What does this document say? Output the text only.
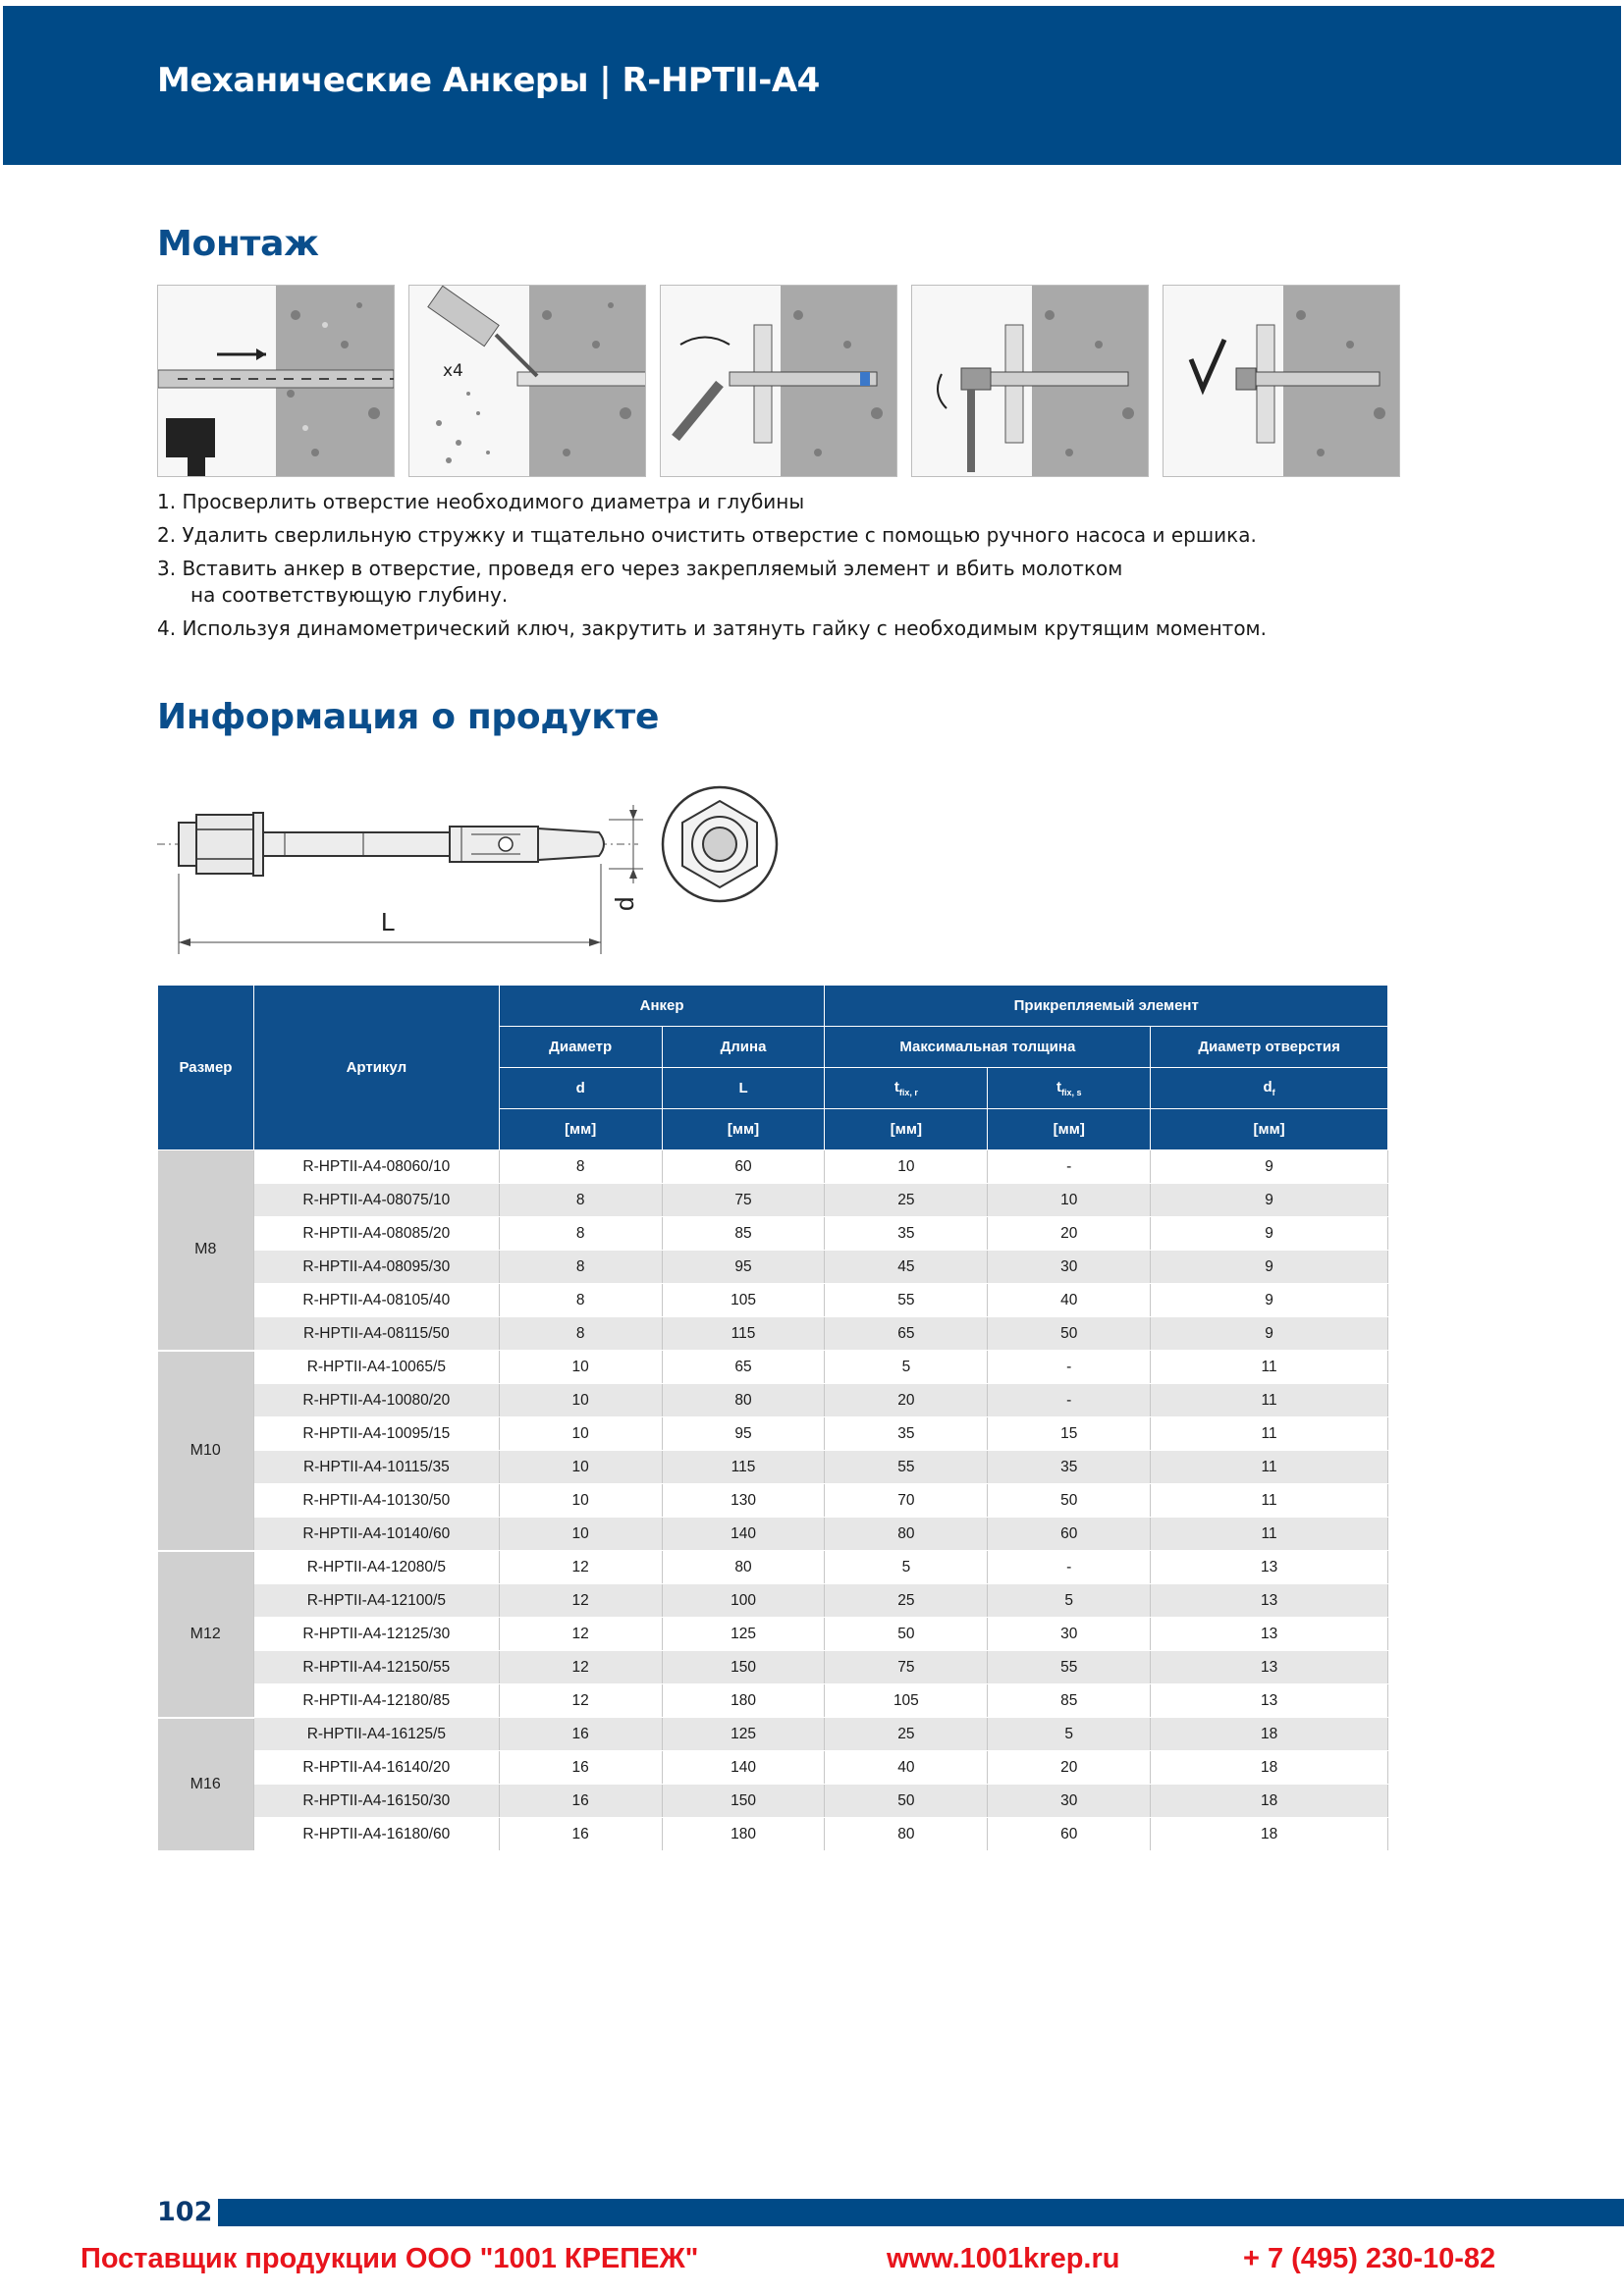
Механические Анкеры | R-HPTII-A4
Монтаж
x4
1. Просверлить отверстие необходимого диаметра и глубины
2. Удалить сверлильную стружку и тщательно очистить отверстие с помощью ручного насоса и ершика.
3. Вставить анкер в отверстие, проведя его через закрепляемый элемент и вбить молотком
на соответствующую глубину.
4. Используя динамометрический ключ, закрутить и затянуть гайку с необходимым крутящим моментом.
Информация о продукте
L
d
Размер	Артикул	Анкер		Прикрепляемый элемент		
		Диаметр	Длина	Максимальная толщина		Диаметр отверстия
		d	L	$t_{fix, r}$	$t_{fix, s}$	$d_f$
		[мм]	[мм]	[мм]	[мм]	[мм]
M8	R-HPTII-A4-08060/10	8	60	10	-	9
	R-HPTII-A4-08075/10	8	75	25	10	9
	R-HPTII-A4-08085/20	8	85	35	20	9
	R-HPTII-A4-08095/30	8	95	45	30	9
	R-HPTII-A4-08105/40	8	105	55	40	9
	R-HPTII-A4-08115/50	8	115	65	50	9
M10	R-HPTII-A4-10065/5	10	65	5	-	11
	R-HPTII-A4-10080/20	10	80	20	-	11
	R-HPTII-A4-10095/15	10	95	35	15	11
	R-HPTII-A4-10115/35	10	115	55	35	11
	R-HPTII-A4-10130/50	10	130	70	50	11
	R-HPTII-A4-10140/60	10	140	80	60	11
M12	R-HPTII-A4-12080/5	12	80	5	-	13
	R-HPTII-A4-12100/5	12	100	25	5	13
	R-HPTII-A4-12125/30	12	125	50	30	13
	R-HPTII-A4-12150/55	12	150	75	55	13
	R-HPTII-A4-12180/85	12	180	105	85	13
M16	R-HPTII-A4-16125/5	16	125	25	5	18
	R-HPTII-A4-16140/20	16	140	40	20	18
	R-HPTII-A4-16150/30	16	150	50	30	18
	R-HPTII-A4-16180/60	16	180	80	60	18
102
Поставщик продукции ООО "1001 КРЕПЕЖ"	www.1001krep.ru	+ 7 (495) 230-10-82
